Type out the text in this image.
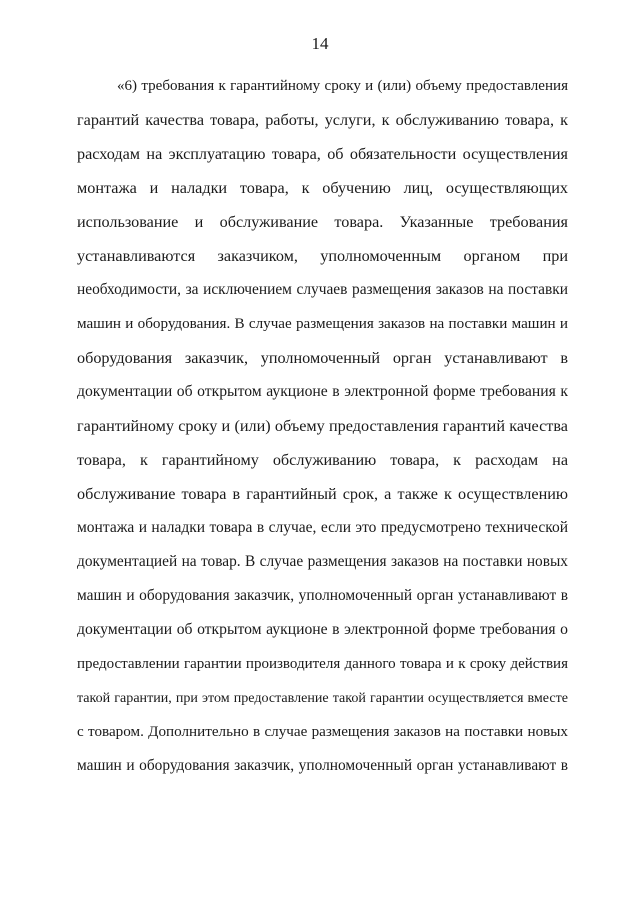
14
«6) требования к гарантийному сроку и (или) объему предоставления
гарантий качества товара, работы, услуги, к обслуживанию товара, к
расходам на эксплуатацию товара, об обязательности осуществления
монтажа и наладки товара, к обучению лиц, осуществляющих
использование и обслуживание товара. Указанные требования
устанавливаются заказчиком, уполномоченным органом при
необходимости, за исключением случаев размещения заказов на поставки
машин и оборудования. В случае размещения заказов на поставки машин и
оборудования заказчик, уполномоченный орган устанавливают в
документации об открытом аукционе в электронной форме требования к
гарантийному сроку и (или) объему предоставления гарантий качества
товара, к гарантийному обслуживанию товара, к расходам на
обслуживание товара в гарантийный срок, а также к осуществлению
монтажа и наладки товара в случае, если это предусмотрено технической
документацией на товар. В случае размещения заказов на поставки новых
машин и оборудования заказчик, уполномоченный орган устанавливают в
документации об открытом аукционе в электронной форме требования о
предоставлении гарантии производителя данного товара и к сроку действия
такой гарантии, при этом предоставление такой гарантии осуществляется вместе
с товаром. Дополнительно в случае размещения заказов на поставки новых
машин и оборудования заказчик, уполномоченный орган устанавливают в
